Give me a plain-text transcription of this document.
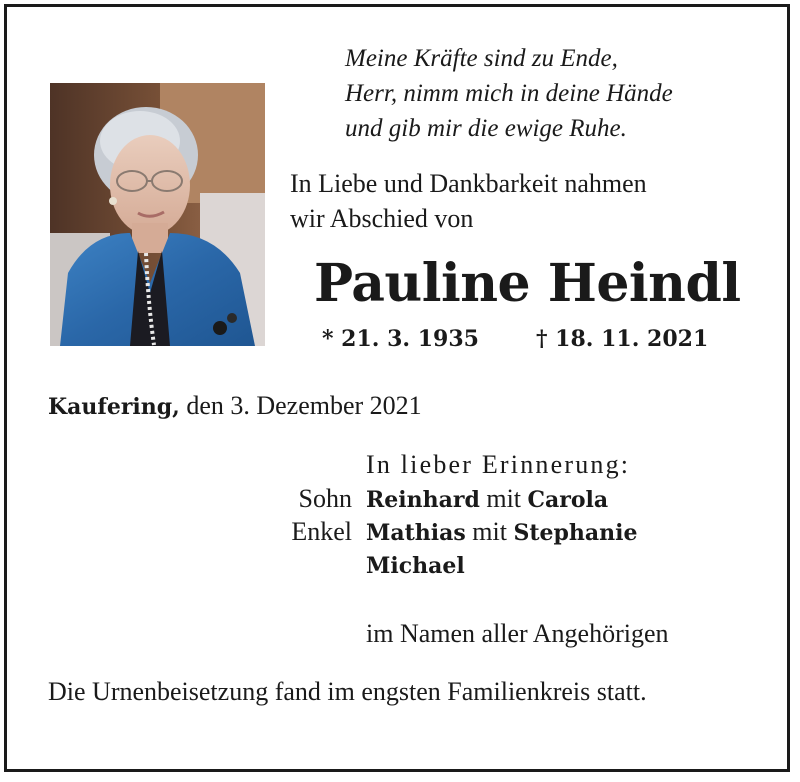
Meine Kräfte sind zu Ende,
Herr, nimm mich in deine Hände
und gib mir die ewige Ruhe.
In Liebe und Dankbarkeit nahmen
wir Abschied von
Pauline Heindl
* 21. 3. 1935	† 18. 11. 2021
Kaufering, den 3. Dezember 2021
In lieber Erinnerung:
Sohn Reinhard mit Carola
Enkel Mathias mit Stephanie
Michael
im Namen aller Angehörigen
Die Urnenbeisetzung fand im engsten Familienkreis statt.
